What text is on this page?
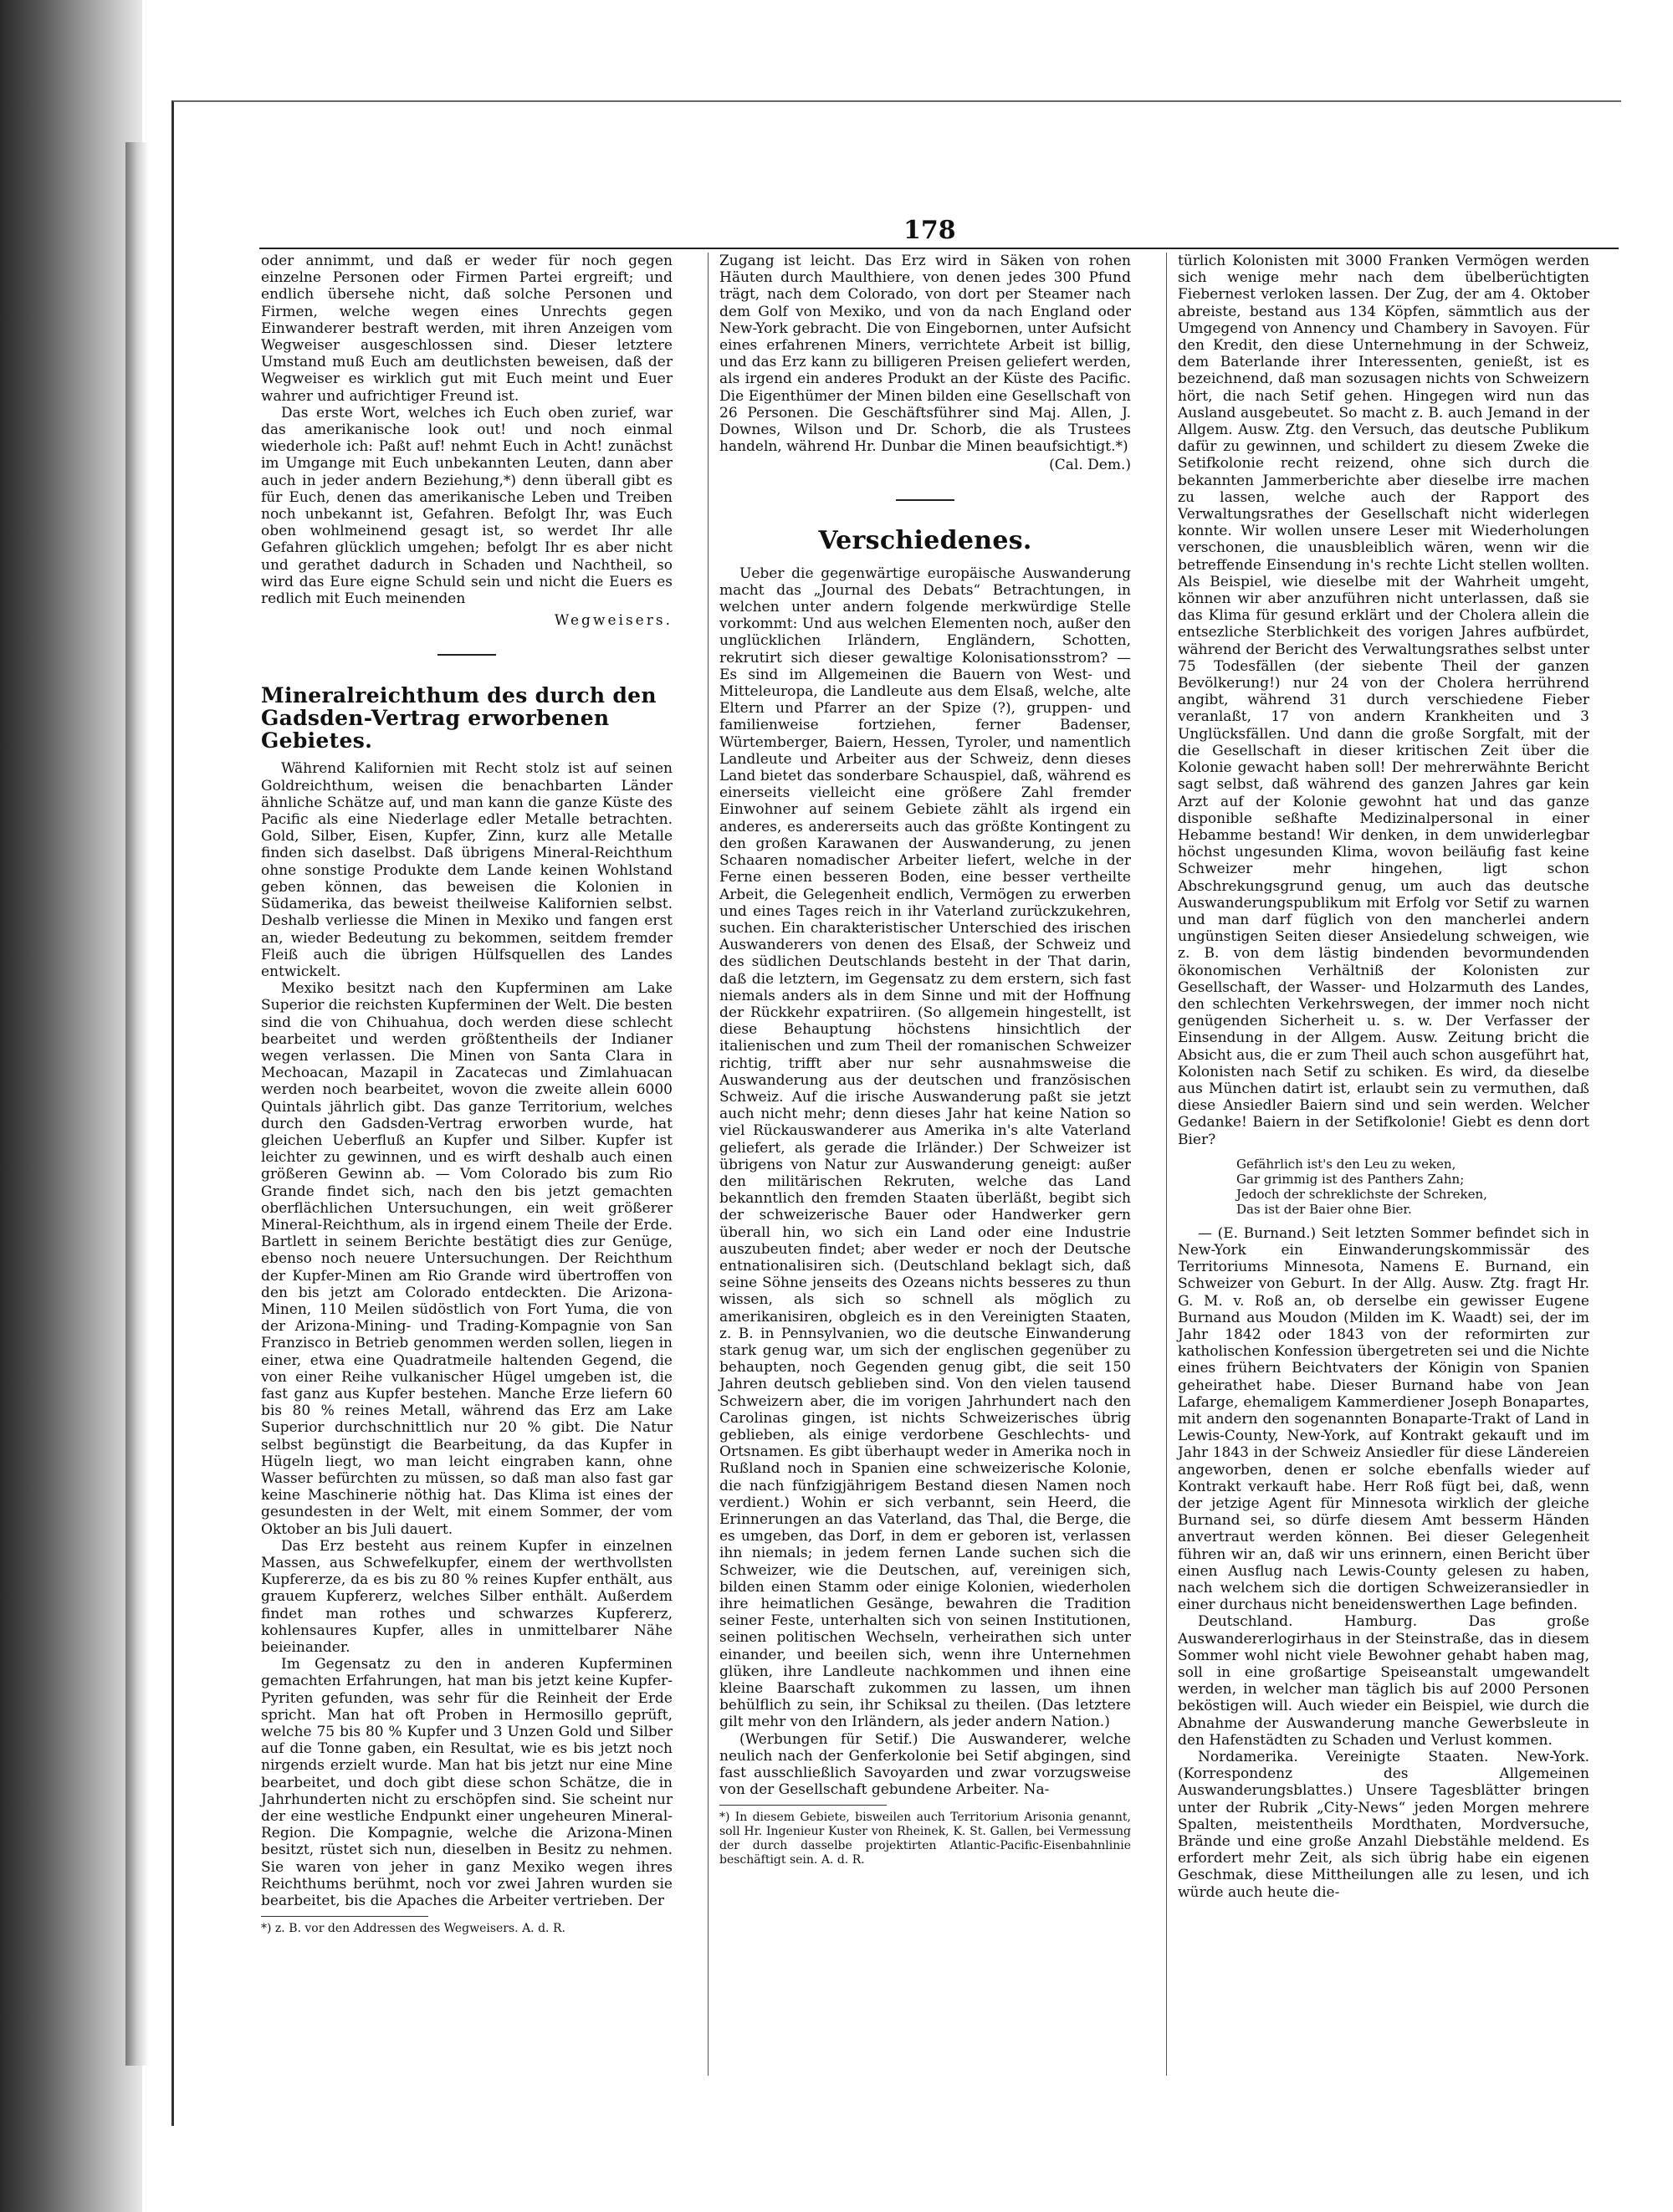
178

oder annimmt, und daß er weder für noch gegen einzelne Personen oder Firmen Partei ergreift; und endlich übersehe nicht, daß solche Personen und Firmen, welche wegen eines Unrechts gegen Einwanderer bestraft werden, mit ihren Anzeigen vom Wegweiser ausgeschlossen sind. Dieser letztere Umstand muß Euch am deutlichsten beweisen, daß der Wegweiser es wirklich gut mit Euch meint und Euer wahrer und aufrichtiger Freund ist.

Das erste Wort, welches ich Euch oben zurief, war das amerikanische look out! und noch einmal wiederhole ich: Paßt auf! nehmt Euch in Acht! zunächst im Umgange mit Euch unbekannten Leuten, dann aber auch in jeder andern Beziehung,*) denn überall gibt es für Euch, denen das amerikanische Leben und Treiben noch unbekannt ist, Gefahren. Befolgt Ihr, was Euch oben wohlmeinend gesagt ist, so werdet Ihr alle Gefahren glücklich umgehen; befolgt Ihr es aber nicht und gerathet dadurch in Schaden und Nachtheil, so wird das Eure eigne Schuld sein und nicht die Euers es redlich mit Euch meinenden

Wegweisers.
Mineralreichthum des durch den Gadsden-Vertrag erworbenen Gebietes.

Während Kalifornien mit Recht stolz ist auf seinen Goldreichthum, weisen die benachbarten Länder ähnliche Schätze auf, und man kann die ganze Küste des Pacific als eine Niederlage edler Metalle betrachten. Gold, Silber, Eisen, Kupfer, Zinn, kurz alle Metalle finden sich daselbst. Daß übrigens Mineral-Reichthum ohne sonstige Produkte dem Lande keinen Wohlstand geben können, das beweisen die Kolonien in Südamerika, das beweist theilweise Kalifornien selbst. Deshalb verliesse die Minen in Mexiko und fangen erst an, wieder Bedeutung zu bekommen, seitdem fremder Fleiß auch die übrigen Hülfsquellen des Landes entwickelt.

Mexiko besitzt nach den Kupferminen am Lake Superior die reichsten Kupferminen der Welt. Die besten sind die von Chihuahua, doch werden diese schlecht bearbeitet und werden größtentheils der Indianer wegen verlassen. Die Minen von Santa Clara in Mechoacan, Mazapil in Zacatecas und Zimlahuacan werden noch bearbeitet, wovon die zweite allein 6000 Quintals jährlich gibt. Das ganze Territorium, welches durch den Gadsden-Vertrag erworben wurde, hat gleichen Ueberfluß an Kupfer und Silber. Kupfer ist leichter zu gewinnen, und es wirft deshalb auch einen größeren Gewinn ab. — Vom Colorado bis zum Rio Grande findet sich, nach den bis jetzt gemachten oberflächlichen Untersuchungen, ein weit größerer Mineral-Reichthum, als in irgend einem Theile der Erde. Bartlett in seinem Berichte bestätigt dies zur Genüge, ebenso noch neuere Untersuchungen. Der Reichthum der Kupfer-Minen am Rio Grande wird übertroffen von den bis jetzt am Colorado entdeckten. Die Arizona-Minen, 110 Meilen südöstlich von Fort Yuma, die von der Arizona-Mining- und Trading-Kompagnie von San Franzisco in Betrieb genommen werden sollen, liegen in einer, etwa eine Quadratmeile haltenden Gegend, die von einer Reihe vulkanischer Hügel umgeben ist, die fast ganz aus Kupfer bestehen. Manche Erze liefern 60 bis 80 % reines Metall, während das Erz am Lake Superior durchschnittlich nur 20 % gibt. Die Natur selbst begünstigt die Bearbeitung, da das Kupfer in Hügeln liegt, wo man leicht eingraben kann, ohne Wasser befürchten zu müssen, so daß man also fast gar keine Maschinerie nöthig hat. Das Klima ist eines der gesundesten in der Welt, mit einem Sommer, der vom Oktober an bis Juli dauert.

Das Erz besteht aus reinem Kupfer in einzelnen Massen, aus Schwefelkupfer, einem der werthvollsten Kupfererze, da es bis zu 80 % reines Kupfer enthält, aus grauem Kupfererz, welches Silber enthält. Außerdem findet man rothes und schwarzes Kupfererz, kohlensaures Kupfer, alles in unmittelbarer Nähe beieinander.

Im Gegensatz zu den in anderen Kupferminen gemachten Erfahrungen, hat man bis jetzt keine Kupfer-Pyriten gefunden, was sehr für die Reinheit der Erde spricht. Man hat oft Proben in Hermosillo geprüft, welche 75 bis 80 % Kupfer und 3 Unzen Gold und Silber auf die Tonne gaben, ein Resultat, wie es bis jetzt noch nirgends erzielt wurde. Man hat bis jetzt nur eine Mine bearbeitet, und doch gibt diese schon Schätze, die in Jahrhunderten nicht zu erschöpfen sind. Sie scheint nur der eine westliche Endpunkt einer ungeheuren Mineral-Region. Die Kompagnie, welche die Arizona-Minen besitzt, rüstet sich nun, dieselben in Besitz zu nehmen. Sie waren von jeher in ganz Mexiko wegen ihres Reichthums berühmt, noch vor zwei Jahren wurden sie bearbeitet, bis die Apaches die Arbeiter vertrieben. Der

*) z. B. vor den Addressen des Wegweisers. A. d. R.

Zugang ist leicht. Das Erz wird in Säken von rohen Häuten durch Maulthiere, von denen jedes 300 Pfund trägt, nach dem Colorado, von dort per Steamer nach dem Golf von Mexiko, und von da nach England oder New-York gebracht. Die von Eingebornen, unter Aufsicht eines erfahrenen Miners, verrichtete Arbeit ist billig, und das Erz kann zu billigeren Preisen geliefert werden, als irgend ein anderes Produkt an der Küste des Pacific. Die Eigenthümer der Minen bilden eine Gesellschaft von 26 Personen. Die Geschäftsführer sind Maj. Allen, J. Downes, Wilson und Dr. Schorb, die als Trustees handeln, während Hr. Dunbar die Minen beaufsichtigt.*)

(Cal. Dem.)
Verschiedenes.

Ueber die gegenwärtige europäische Auswanderung macht das „Journal des Debats“ Betrachtungen, in welchen unter andern folgende merkwürdige Stelle vorkommt: Und aus welchen Elementen noch, außer den unglücklichen Irländern, Engländern, Schotten, rekrutirt sich dieser gewaltige Kolonisationsstrom? — Es sind im Allgemeinen die Bauern von West- und Mitteleuropa, die Landleute aus dem Elsaß, welche, alte Eltern und Pfarrer an der Spize (?), gruppen- und familienweise fortziehen, ferner Badenser, Würtemberger, Baiern, Hessen, Tyroler, und namentlich Landleute und Arbeiter aus der Schweiz, denn dieses Land bietet das sonderbare Schauspiel, daß, während es einerseits vielleicht eine größere Zahl fremder Einwohner auf seinem Gebiete zählt als irgend ein anderes, es andererseits auch das größte Kontingent zu den großen Karawanen der Auswanderung, zu jenen Schaaren nomadischer Arbeiter liefert, welche in der Ferne einen besseren Boden, eine besser vertheilte Arbeit, die Gelegenheit endlich, Vermögen zu erwerben und eines Tages reich in ihr Vaterland zurückzukehren, suchen. Ein charakteristischer Unterschied des irischen Auswanderers von denen des Elsaß, der Schweiz und des südlichen Deutschlands besteht in der That darin, daß die letztern, im Gegensatz zu dem erstern, sich fast niemals anders als in dem Sinne und mit der Hoffnung der Rückkehr expatriiren. (So allgemein hingestellt, ist diese Behauptung höchstens hinsichtlich der italienischen und zum Theil der romanischen Schweizer richtig, trifft aber nur sehr ausnahmsweise die Auswanderung aus der deutschen und französischen Schweiz. Auf die irische Auswanderung paßt sie jetzt auch nicht mehr; denn dieses Jahr hat keine Nation so viel Rückauswanderer aus Amerika in's alte Vaterland geliefert, als gerade die Irländer.) Der Schweizer ist übrigens von Natur zur Auswanderung geneigt: außer den militärischen Rekruten, welche das Land bekanntlich den fremden Staaten überläßt, begibt sich der schweizerische Bauer oder Handwerker gern überall hin, wo sich ein Land oder eine Industrie auszubeuten findet; aber weder er noch der Deutsche entnationalisiren sich. (Deutschland beklagt sich, daß seine Söhne jenseits des Ozeans nichts besseres zu thun wissen, als sich so schnell als möglich zu amerikanisiren, obgleich es in den Vereinigten Staaten, z. B. in Pennsylvanien, wo die deutsche Einwanderung stark genug war, um sich der englischen gegenüber zu behaupten, noch Gegenden genug gibt, die seit 150 Jahren deutsch geblieben sind. Von den vielen tausend Schweizern aber, die im vorigen Jahrhundert nach den Carolinas gingen, ist nichts Schweizerisches übrig geblieben, als einige verdorbene Geschlechts- und Ortsnamen. Es gibt überhaupt weder in Amerika noch in Rußland noch in Spanien eine schweizerische Kolonie, die nach fünfzigjährigem Bestand diesen Namen noch verdient.) Wohin er sich verbannt, sein Heerd, die Erinnerungen an das Vaterland, das Thal, die Berge, die es umgeben, das Dorf, in dem er geboren ist, verlassen ihn niemals; in jedem fernen Lande suchen sich die Schweizer, wie die Deutschen, auf, vereinigen sich, bilden einen Stamm oder einige Kolonien, wiederholen ihre heimatlichen Gesänge, bewahren die Tradition seiner Feste, unterhalten sich von seinen Institutionen, seinen politischen Wechseln, verheirathen sich unter einander, und beeilen sich, wenn ihre Unternehmen glüken, ihre Landleute nachkommen und ihnen eine kleine Baarschaft zukommen zu lassen, um ihnen behülflich zu sein, ihr Schiksal zu theilen. (Das letztere gilt mehr von den Irländern, als jeder andern Nation.)

(Werbungen für Setif.) Die Auswanderer, welche neulich nach der Genferkolonie bei Setif abgingen, sind fast ausschließlich Savoyarden und zwar vorzugsweise von der Gesellschaft gebundene Arbeiter. Na-

*) In diesem Gebiete, bisweilen auch Territorium Arisonia genannt, soll Hr. Ingenieur Kuster von Rheinek, K. St. Gallen, bei Vermessung der durch dasselbe projektirten Atlantic-Pacific-Eisenbahnlinie beschäftigt sein. A. d. R.

türlich Kolonisten mit 3000 Franken Vermögen werden sich wenige mehr nach dem übelberüchtigten Fiebernest verloken lassen. Der Zug, der am 4. Oktober abreiste, bestand aus 134 Köpfen, sämmtlich aus der Umgegend von Annency und Chambery in Savoyen. Für den Kredit, den diese Unternehmung in der Schweiz, dem Baterlande ihrer Interessenten, genießt, ist es bezeichnend, daß man sozusagen nichts von Schweizern hört, die nach Setif gehen. Hingegen wird nun das Ausland ausgebeutet. So macht z. B. auch Jemand in der Allgem. Ausw. Ztg. den Versuch, das deutsche Publikum dafür zu gewinnen, und schildert zu diesem Zweke die Setifkolonie recht reizend, ohne sich durch die bekannten Jammerberichte aber dieselbe irre machen zu lassen, welche auch der Rapport des Verwaltungsrathes der Gesellschaft nicht widerlegen konnte. Wir wollen unsere Leser mit Wiederholungen verschonen, die unausbleiblich wären, wenn wir die betreffende Einsendung in's rechte Licht stellen wollten. Als Beispiel, wie dieselbe mit der Wahrheit umgeht, können wir aber anzuführen nicht unterlassen, daß sie das Klima für gesund erklärt und der Cholera allein die entsezliche Sterblichkeit des vorigen Jahres aufbürdet, während der Bericht des Verwaltungsrathes selbst unter 75 Todesfällen (der siebente Theil der ganzen Bevölkerung!) nur 24 von der Cholera herrührend angibt, während 31 durch verschiedene Fieber veranlaßt, 17 von andern Krankheiten und 3 Unglücksfällen. Und dann die große Sorgfalt, mit der die Gesellschaft in dieser kritischen Zeit über die Kolonie gewacht haben soll! Der mehrerwähnte Bericht sagt selbst, daß während des ganzen Jahres gar kein Arzt auf der Kolonie gewohnt hat und das ganze disponible seßhafte Medizinalpersonal in einer Hebamme bestand! Wir denken, in dem unwiderlegbar höchst ungesunden Klima, wovon beiläufig fast keine Schweizer mehr hingehen, ligt schon Abschrekungsgrund genug, um auch das deutsche Auswanderungspublikum mit Erfolg vor Setif zu warnen und man darf füglich von den mancherlei andern ungünstigen Seiten dieser Ansiedelung schweigen, wie z. B. von dem lästig bindenden bevormundenden ökonomischen Verhältniß der Kolonisten zur Gesellschaft, der Wasser- und Holzarmuth des Landes, den schlechten Verkehrswegen, der immer noch nicht genügenden Sicherheit u. s. w. Der Verfasser der Einsendung in der Allgem. Ausw. Zeitung bricht die Absicht aus, die er zum Theil auch schon ausgeführt hat, Kolonisten nach Setif zu schiken. Es wird, da dieselbe aus München datirt ist, erlaubt sein zu vermuthen, daß diese Ansiedler Baiern sind und sein werden. Welcher Gedanke! Baiern in der Setifkolonie! Giebt es denn dort Bier?

Gefährlich ist's den Leu zu weken,
Gar grimmig ist des Panthers Zahn;
Jedoch der schreklichste der Schreken,
Das ist der Baier ohne Bier.

— (E. Burnand.) Seit letzten Sommer befindet sich in New-York ein Einwanderungskommissär des Territoriums Minnesota, Namens E. Burnand, ein Schweizer von Geburt. In der Allg. Ausw. Ztg. fragt Hr. G. M. v. Roß an, ob derselbe ein gewisser Eugene Burnand aus Moudon (Milden im K. Waadt) sei, der im Jahr 1842 oder 1843 von der reformirten zur katholischen Konfession übergetreten sei und die Nichte eines frühern Beichtvaters der Königin von Spanien geheirathet habe. Dieser Burnand habe von Jean Lafarge, ehemaligem Kammerdiener Joseph Bonapartes, mit andern den sogenannten Bonaparte-Trakt of Land in Lewis-County, New-York, auf Kontrakt gekauft und im Jahr 1843 in der Schweiz Ansiedler für diese Ländereien angeworben, denen er solche ebenfalls wieder auf Kontrakt verkauft habe. Herr Roß fügt bei, daß, wenn der jetzige Agent für Minnesota wirklich der gleiche Burnand sei, so dürfe diesem Amt besserm Händen anvertraut werden können. Bei dieser Gelegenheit führen wir an, daß wir uns erinnern, einen Bericht über einen Ausflug nach Lewis-County gelesen zu haben, nach welchem sich die dortigen Schweizeransiedler in einer durchaus nicht beneidenswerthen Lage befinden.

Deutschland. Hamburg. Das große Auswandererlogirhaus in der Steinstraße, das in diesem Sommer wohl nicht viele Bewohner gehabt haben mag, soll in eine großartige Speiseanstalt umgewandelt werden, in welcher man täglich bis auf 2000 Personen beköstigen will. Auch wieder ein Beispiel, wie durch die Abnahme der Auswanderung manche Gewerbsleute in den Hafenstädten zu Schaden und Verlust kommen.

Nordamerika. Vereinigte Staaten. New-York. (Korrespondenz des Allgemeinen Auswanderungsblattes.) Unsere Tagesblätter bringen unter der Rubrik „City-News“ jeden Morgen mehrere Spalten, meistentheils Mordthaten, Mordversuche, Brände und eine große Anzahl Diebstähle meldend. Es erfordert mehr Zeit, als sich übrig habe ein eigenen Geschmak, diese Mittheilungen alle zu lesen, und ich würde auch heute die-
